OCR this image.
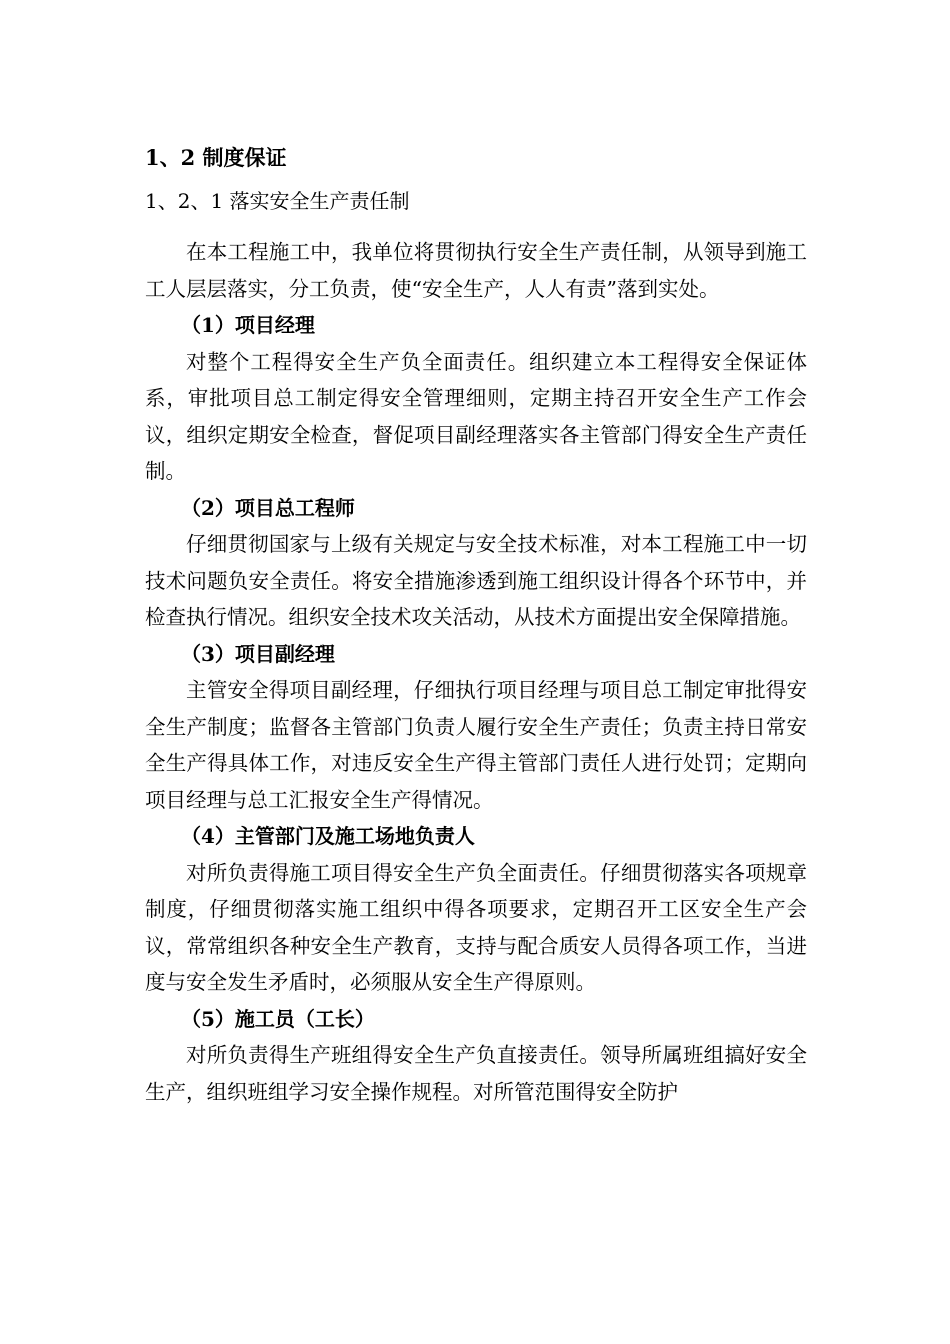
1、2 制度保证
1、2、1 落实安全生产责任制

在本工程施工中，我单位将贯彻执行安全生产责任制，从领导到施工工人层层落实，分工负责，使“安全生产，人人有责”落到实处。

（1）项目经理

对整个工程得安全生产负全面责任。组织建立本工程得安全保证体系，审批项目总工制定得安全管理细则，定期主持召开安全生产工作会议，组织定期安全检查，督促项目副经理落实各主管部门得安全生产责任制。

（2）项目总工程师

仔细贯彻国家与上级有关规定与安全技术标准，对本工程施工中一切技术问题负安全责任。将安全措施渗透到施工组织设计得各个环节中，并检查执行情况。组织安全技术攻关活动，从技术方面提出安全保障措施。

（3）项目副经理

主管安全得项目副经理，仔细执行项目经理与项目总工制定审批得安全生产制度；监督各主管部门负责人履行安全生产责任；负责主持日常安全生产得具体工作，对违反安全生产得主管部门责任人进行处罚；定期向项目经理与总工汇报安全生产得情况。

（4）主管部门及施工场地负责人

对所负责得施工项目得安全生产负全面责任。仔细贯彻落实各项规章制度，仔细贯彻落实施工组织中得各项要求，定期召开工区安全生产会议，常常组织各种安全生产教育，支持与配合质安人员得各项工作，当进度与安全发生矛盾时，必须服从安全生产得原则。

（5）施工员（工长）

对所负责得生产班组得安全生产负直接责任。领导所属班组搞好安全生产，组织班组学习安全操作规程。对所管范围得安全防护
